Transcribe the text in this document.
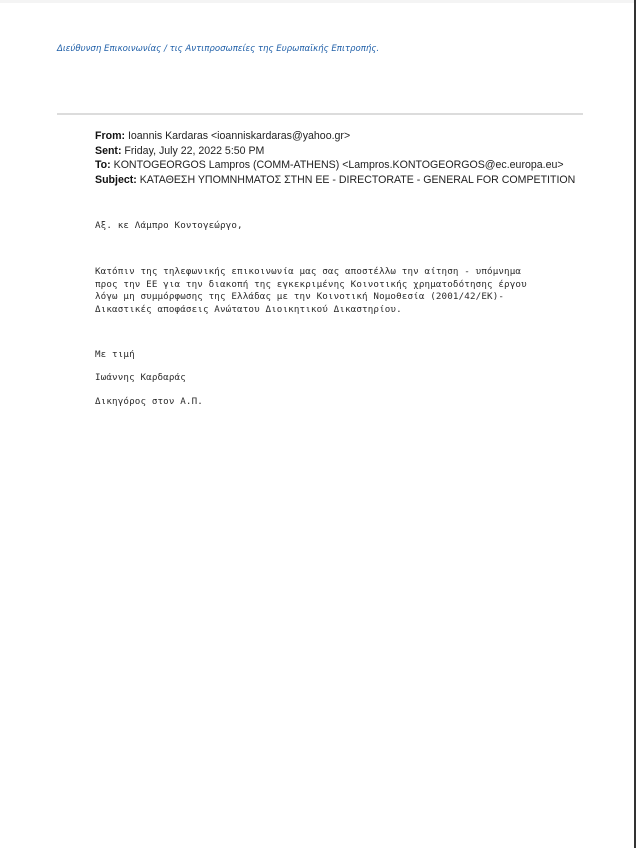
Διεύθυνση Επικοινωνίας / τις Αντιπροσωπείες της Ευρωπαϊκής Επιτροπής.
From: Ioannis Kardaras <ioanniskardaras@yahoo.gr>
Sent: Friday, July 22, 2022 5:50 PM
To: KONTOGEORGOS Lampros (COMM-ATHENS) <Lampros.KONTOGEORGOS@ec.europa.eu>
Subject: ΚΑΤΑΘΕΣΗ ΥΠΟΜΝΗΜΑΤΟΣ ΣΤΗΝ ΕΕ - DIRECTORATE - GENERAL FOR COMPETITION
Αξ. κε Λάμπρο Κοντογεώργο,
Κατόπιν της τηλεφωνικής επικοινωνία μας σας αποστέλλω την αίτηση - υπόμνημα
προς την ΕΕ για την διακοπή της εγκεκριμένης Κοινοτικής χρηματοδότησης έργου
λόγω μη συμμόρφωσης της Ελλάδας με την Κοινοτική Νομοθεσία (2001/42/ΕΚ)-
Δικαστικές αποφάσεις Ανώτατου Διοικητικού Δικαστηρίου.
Με τιμή
Ιωάννης Καρδαράς
Δικηγόρος στον Α.Π.
